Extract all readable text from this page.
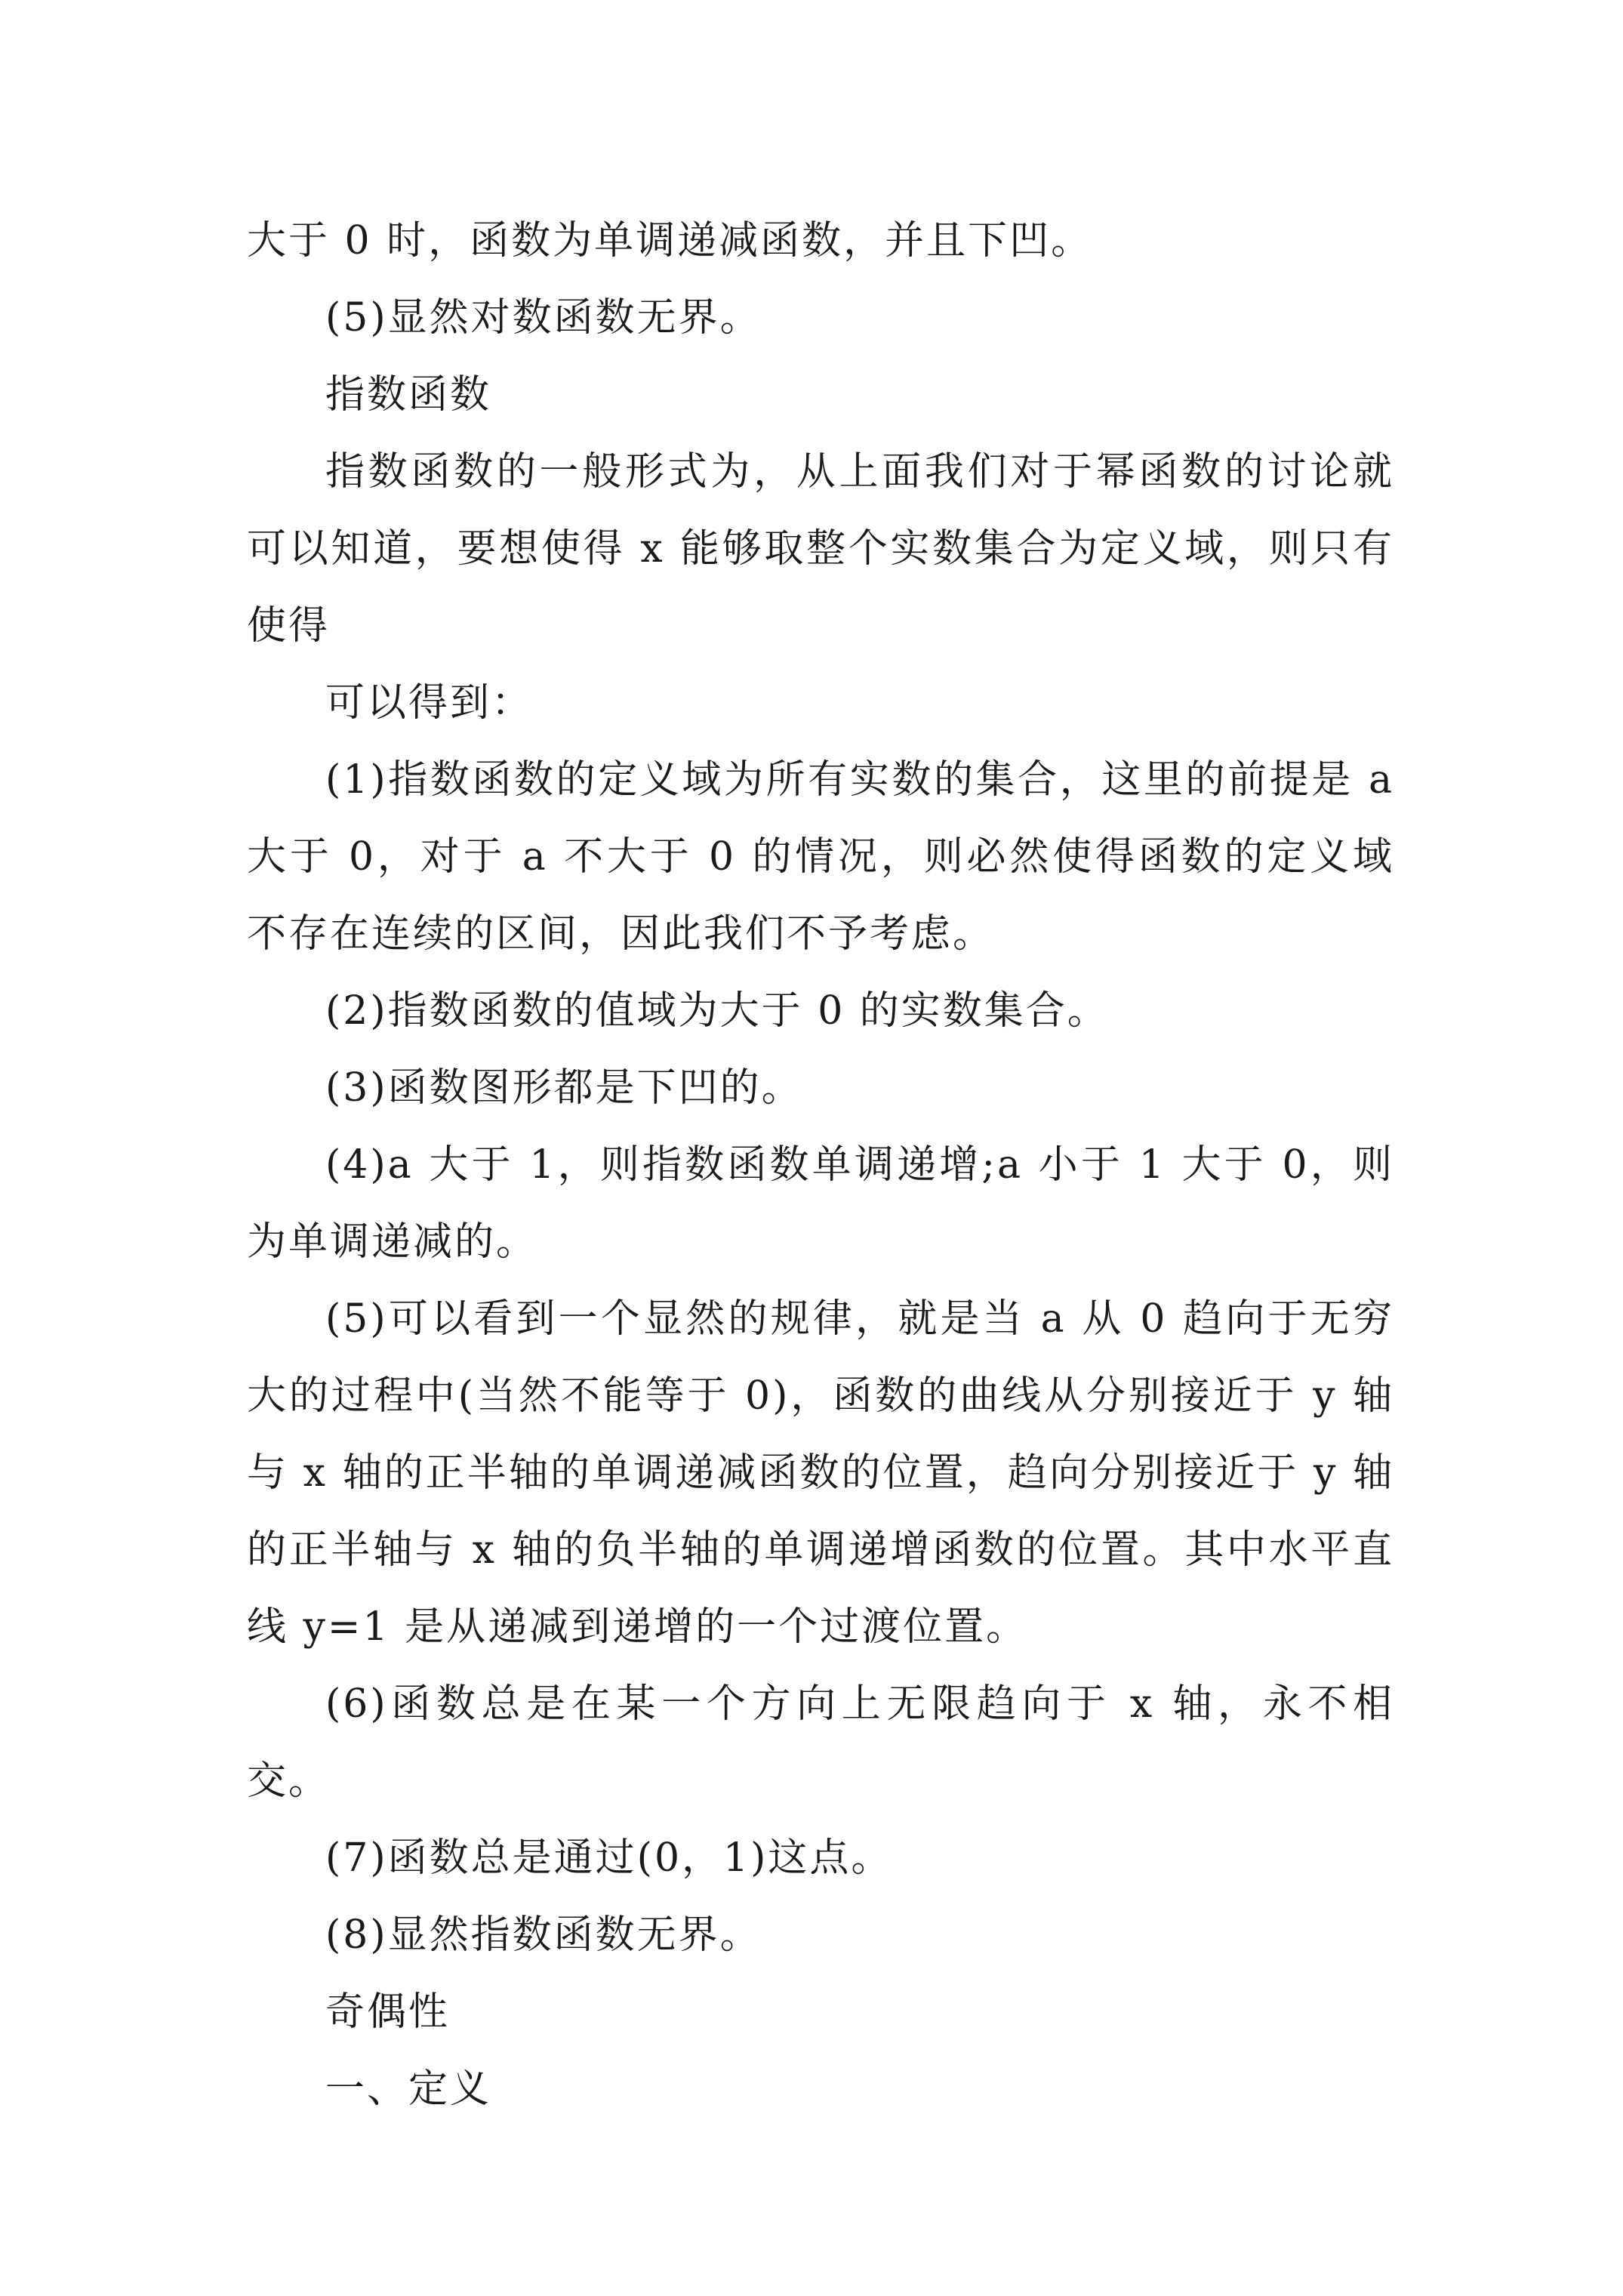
大于 0 时，函数为单调递减函数，并且下凹。

(5)显然对数函数无界。

指数函数

指数函数的一般形式为，从上面我们对于幂函数的讨论就可以知道，要想使得 x 能够取整个实数集合为定义域，则只有使得

可以得到：

(1)指数函数的定义域为所有实数的集合，这里的前提是 a 大于 0，对于 a 不大于 0 的情况，则必然使得函数的定义域不存在连续的区间，因此我们不予考虑。

(2)指数函数的值域为大于 0 的实数集合。

(3)函数图形都是下凹的。

(4)a 大于 1，则指数函数单调递增;a 小于 1 大于 0，则为单调递减的。

(5)可以看到一个显然的规律，就是当 a 从 0 趋向于无穷大的过程中(当然不能等于 0)，函数的曲线从分别接近于 y 轴与 x 轴的正半轴的单调递减函数的位置，趋向分别接近于 y 轴的正半轴与 x 轴的负半轴的单调递增函数的位置。其中水平直线 y=1 是从递减到递增的一个过渡位置。

(6)函数总是在某一个方向上无限趋向于 x 轴，永不相交。

(7)函数总是通过(0，1)这点。

(8)显然指数函数无界。

奇偶性

一、定义
